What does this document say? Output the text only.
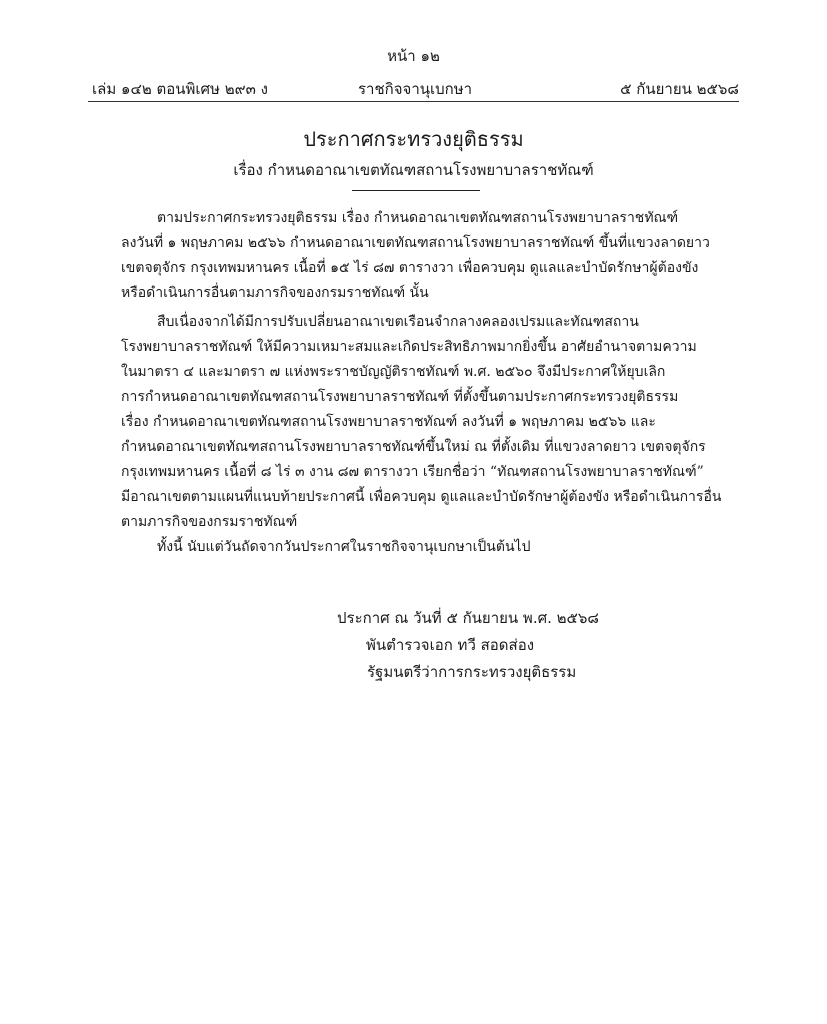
หน้า ๑๒
เล่ม ๑๔๒ ตอนพิเศษ ๒๙๓ ง	ราชกิจจานุเบกษา	๕ กันยายน ๒๕๖๘
ประกาศกระทรวงยุติธรรม
เรื่อง กำหนดอาณาเขตทัณฑสถานโรงพยาบาลราชทัณฑ์
ตามประกาศกระทรวงยุติธรรม เรื่อง กำหนดอาณาเขตทัณฑสถานโรงพยาบาลราชทัณฑ์
ลงวันที่ ๑ พฤษภาคม ๒๕๖๖ กำหนดอาณาเขตทัณฑสถานโรงพยาบาลราชทัณฑ์ ขึ้นที่แขวงลาดยาว
เขตจตุจักร กรุงเทพมหานคร เนื้อที่ ๑๕ ไร่ ๘๗ ตารางวา เพื่อควบคุม ดูแลและบำบัดรักษาผู้ต้องขัง
หรือดำเนินการอื่นตามภารกิจของกรมราชทัณฑ์ นั้น
สืบเนื่องจากได้มีการปรับเปลี่ยนอาณาเขตเรือนจำกลางคลองเปรมและทัณฑสถาน
โรงพยาบาลราชทัณฑ์ ให้มีความเหมาะสมและเกิดประสิทธิภาพมากยิ่งขึ้น อาศัยอำนาจตามความ
ในมาตรา ๔ และมาตรา ๗ แห่งพระราชบัญญัติราชทัณฑ์ พ.ศ. ๒๕๖๐ จึงมีประกาศให้ยุบเลิก
การกำหนดอาณาเขตทัณฑสถานโรงพยาบาลราชทัณฑ์ ที่ตั้งขึ้นตามประกาศกระทรวงยุติธรรม
เรื่อง กำหนดอาณาเขตทัณฑสถานโรงพยาบาลราชทัณฑ์ ลงวันที่ ๑ พฤษภาคม ๒๕๖๖ และ
กำหนดอาณาเขตทัณฑสถานโรงพยาบาลราชทัณฑ์ขึ้นใหม่ ณ ที่ตั้งเดิม ที่แขวงลาดยาว เขตจตุจักร
กรุงเทพมหานคร เนื้อที่ ๘ ไร่ ๓ งาน ๘๗ ตารางวา เรียกชื่อว่า “ทัณฑสถานโรงพยาบาลราชทัณฑ์”
มีอาณาเขตตามแผนที่แนบท้ายประกาศนี้ เพื่อควบคุม ดูแลและบำบัดรักษาผู้ต้องขัง หรือดำเนินการอื่น
ตามภารกิจของกรมราชทัณฑ์
ทั้งนี้ นับแต่วันถัดจากวันประกาศในราชกิจจานุเบกษาเป็นต้นไป
ประกาศ ณ วันที่ ๕ กันยายน พ.ศ. ๒๕๖๘
พันตำรวจเอก ทวี สอดส่อง
รัฐมนตรีว่าการกระทรวงยุติธรรม
